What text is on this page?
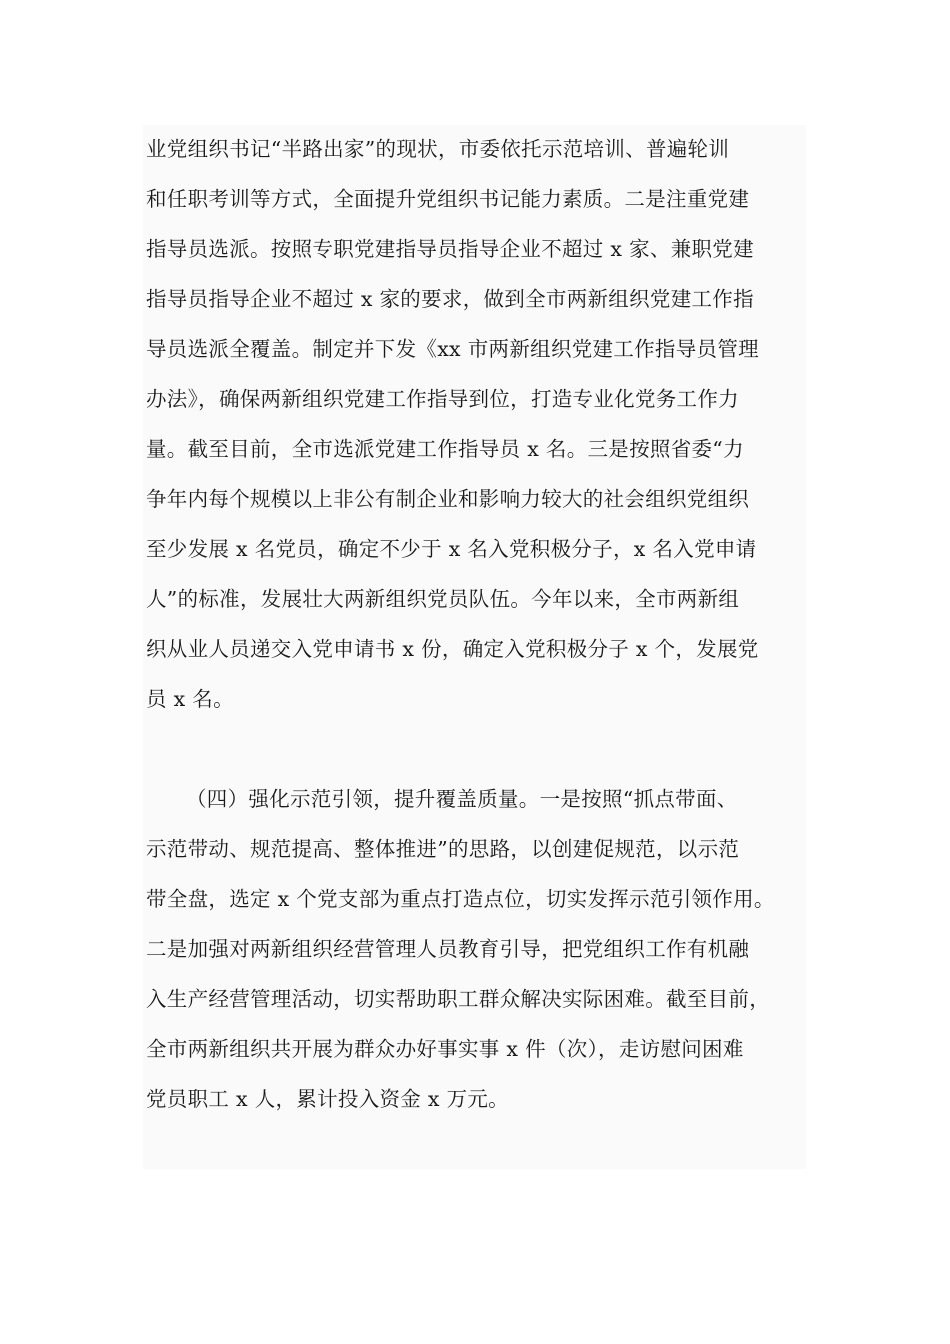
业党组织书记“半路出家”的现状，市委依托示范培训、普遍轮训
和任职考训等方式，全面提升党组织书记能力素质。二是注重党建
指导员选派。按照专职党建指导员指导企业不超过 x 家、兼职党建
指导员指导企业不超过 x 家的要求，做到全市两新组织党建工作指
导员选派全覆盖。制定并下发《xx 市两新组织党建工作指导员管理
办法》，确保两新组织党建工作指导到位，打造专业化党务工作力
量。截至目前，全市选派党建工作指导员 x 名。三是按照省委“力
争年内每个规模以上非公有制企业和影响力较大的社会组织党组织
至少发展 x 名党员，确定不少于 x 名入党积极分子，x 名入党申请
人”的标准，发展壮大两新组织党员队伍。今年以来，全市两新组
织从业人员递交入党申请书 x 份，确定入党积极分子 x 个，发展党
员 x 名。
（四）强化示范引领，提升覆盖质量。一是按照“抓点带面、
示范带动、规范提高、整体推进”的思路，以创建促规范，以示范
带全盘，选定 x 个党支部为重点打造点位，切实发挥示范引领作用。
二是加强对两新组织经营管理人员教育引导，把党组织工作有机融
入生产经营管理活动，切实帮助职工群众解决实际困难。截至目前，
全市两新组织共开展为群众办好事实事 x 件（次），走访慰问困难
党员职工 x 人，累计投入资金 x 万元。
